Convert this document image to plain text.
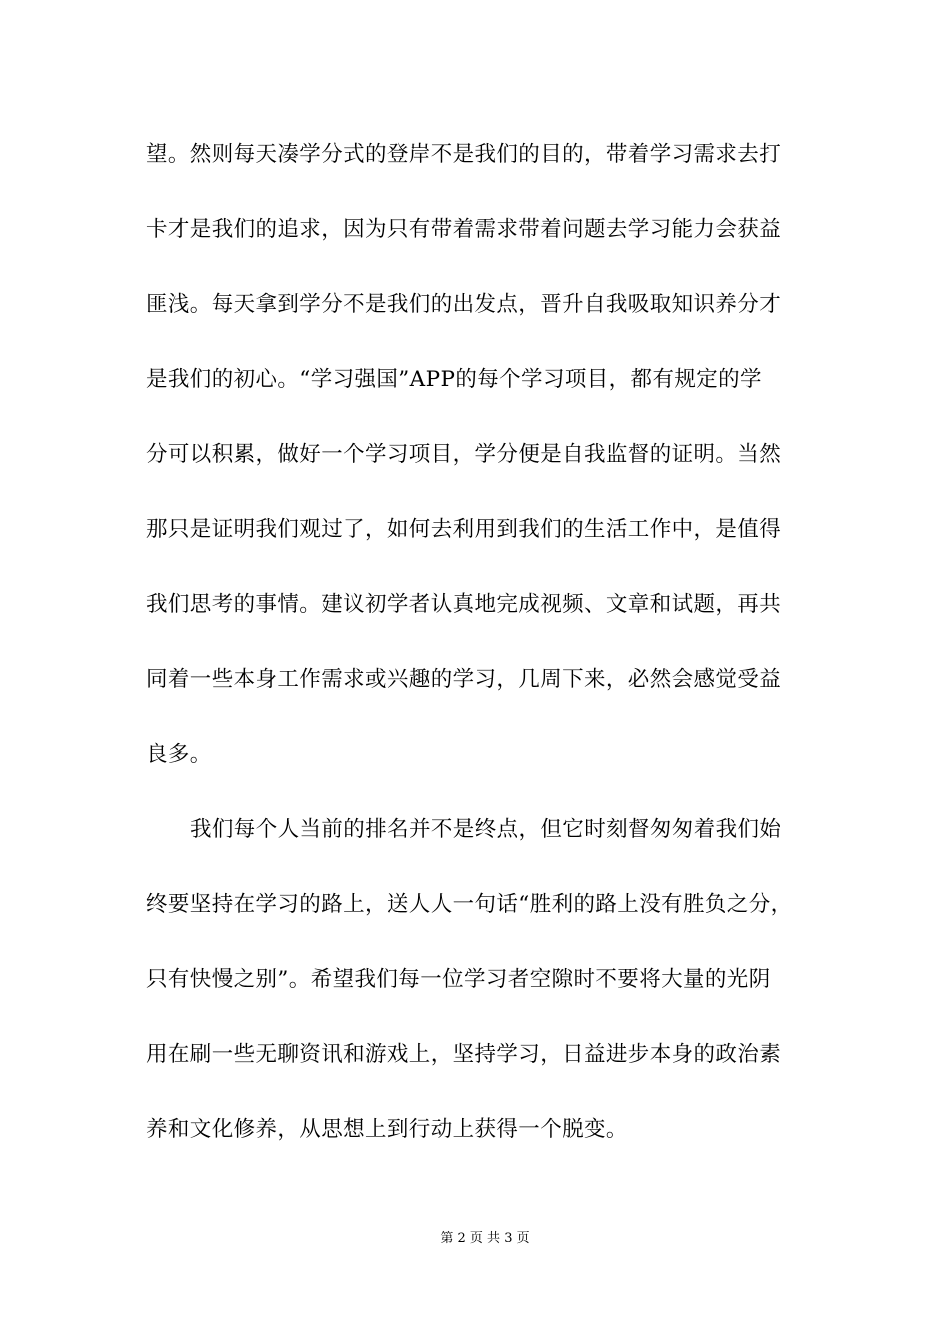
望。然则每天凑学分式的登岸不是我们的目的，带着学习需求去打
卡才是我们的追求，因为只有带着需求带着问题去学习能力会获益
匪浅。每天拿到学分不是我们的出发点，晋升自我吸取知识养分才
是我们的初心。“学习强国”APP的每个学习项目，都有规定的学
分可以积累，做好一个学习项目，学分便是自我监督的证明。当然
那只是证明我们观过了，如何去利用到我们的生活工作中，是值得
我们思考的事情。建议初学者认真地完成视频、文章和试题，再共
同着一些本身工作需求或兴趣的学习，几周下来，必然会感觉受益
良多。
我们每个人当前的排名并不是终点，但它时刻督匆匆着我们始
终要坚持在学习的路上，送人人一句话“胜利的路上没有胜负之分，
只有快慢之别”。希望我们每一位学习者空隙时不要将大量的光阴
用在刷一些无聊资讯和游戏上，坚持学习，日益进步本身的政治素
养和文化修养，从思想上到行动上获得一个脱变。
第 2 页 共 3 页
